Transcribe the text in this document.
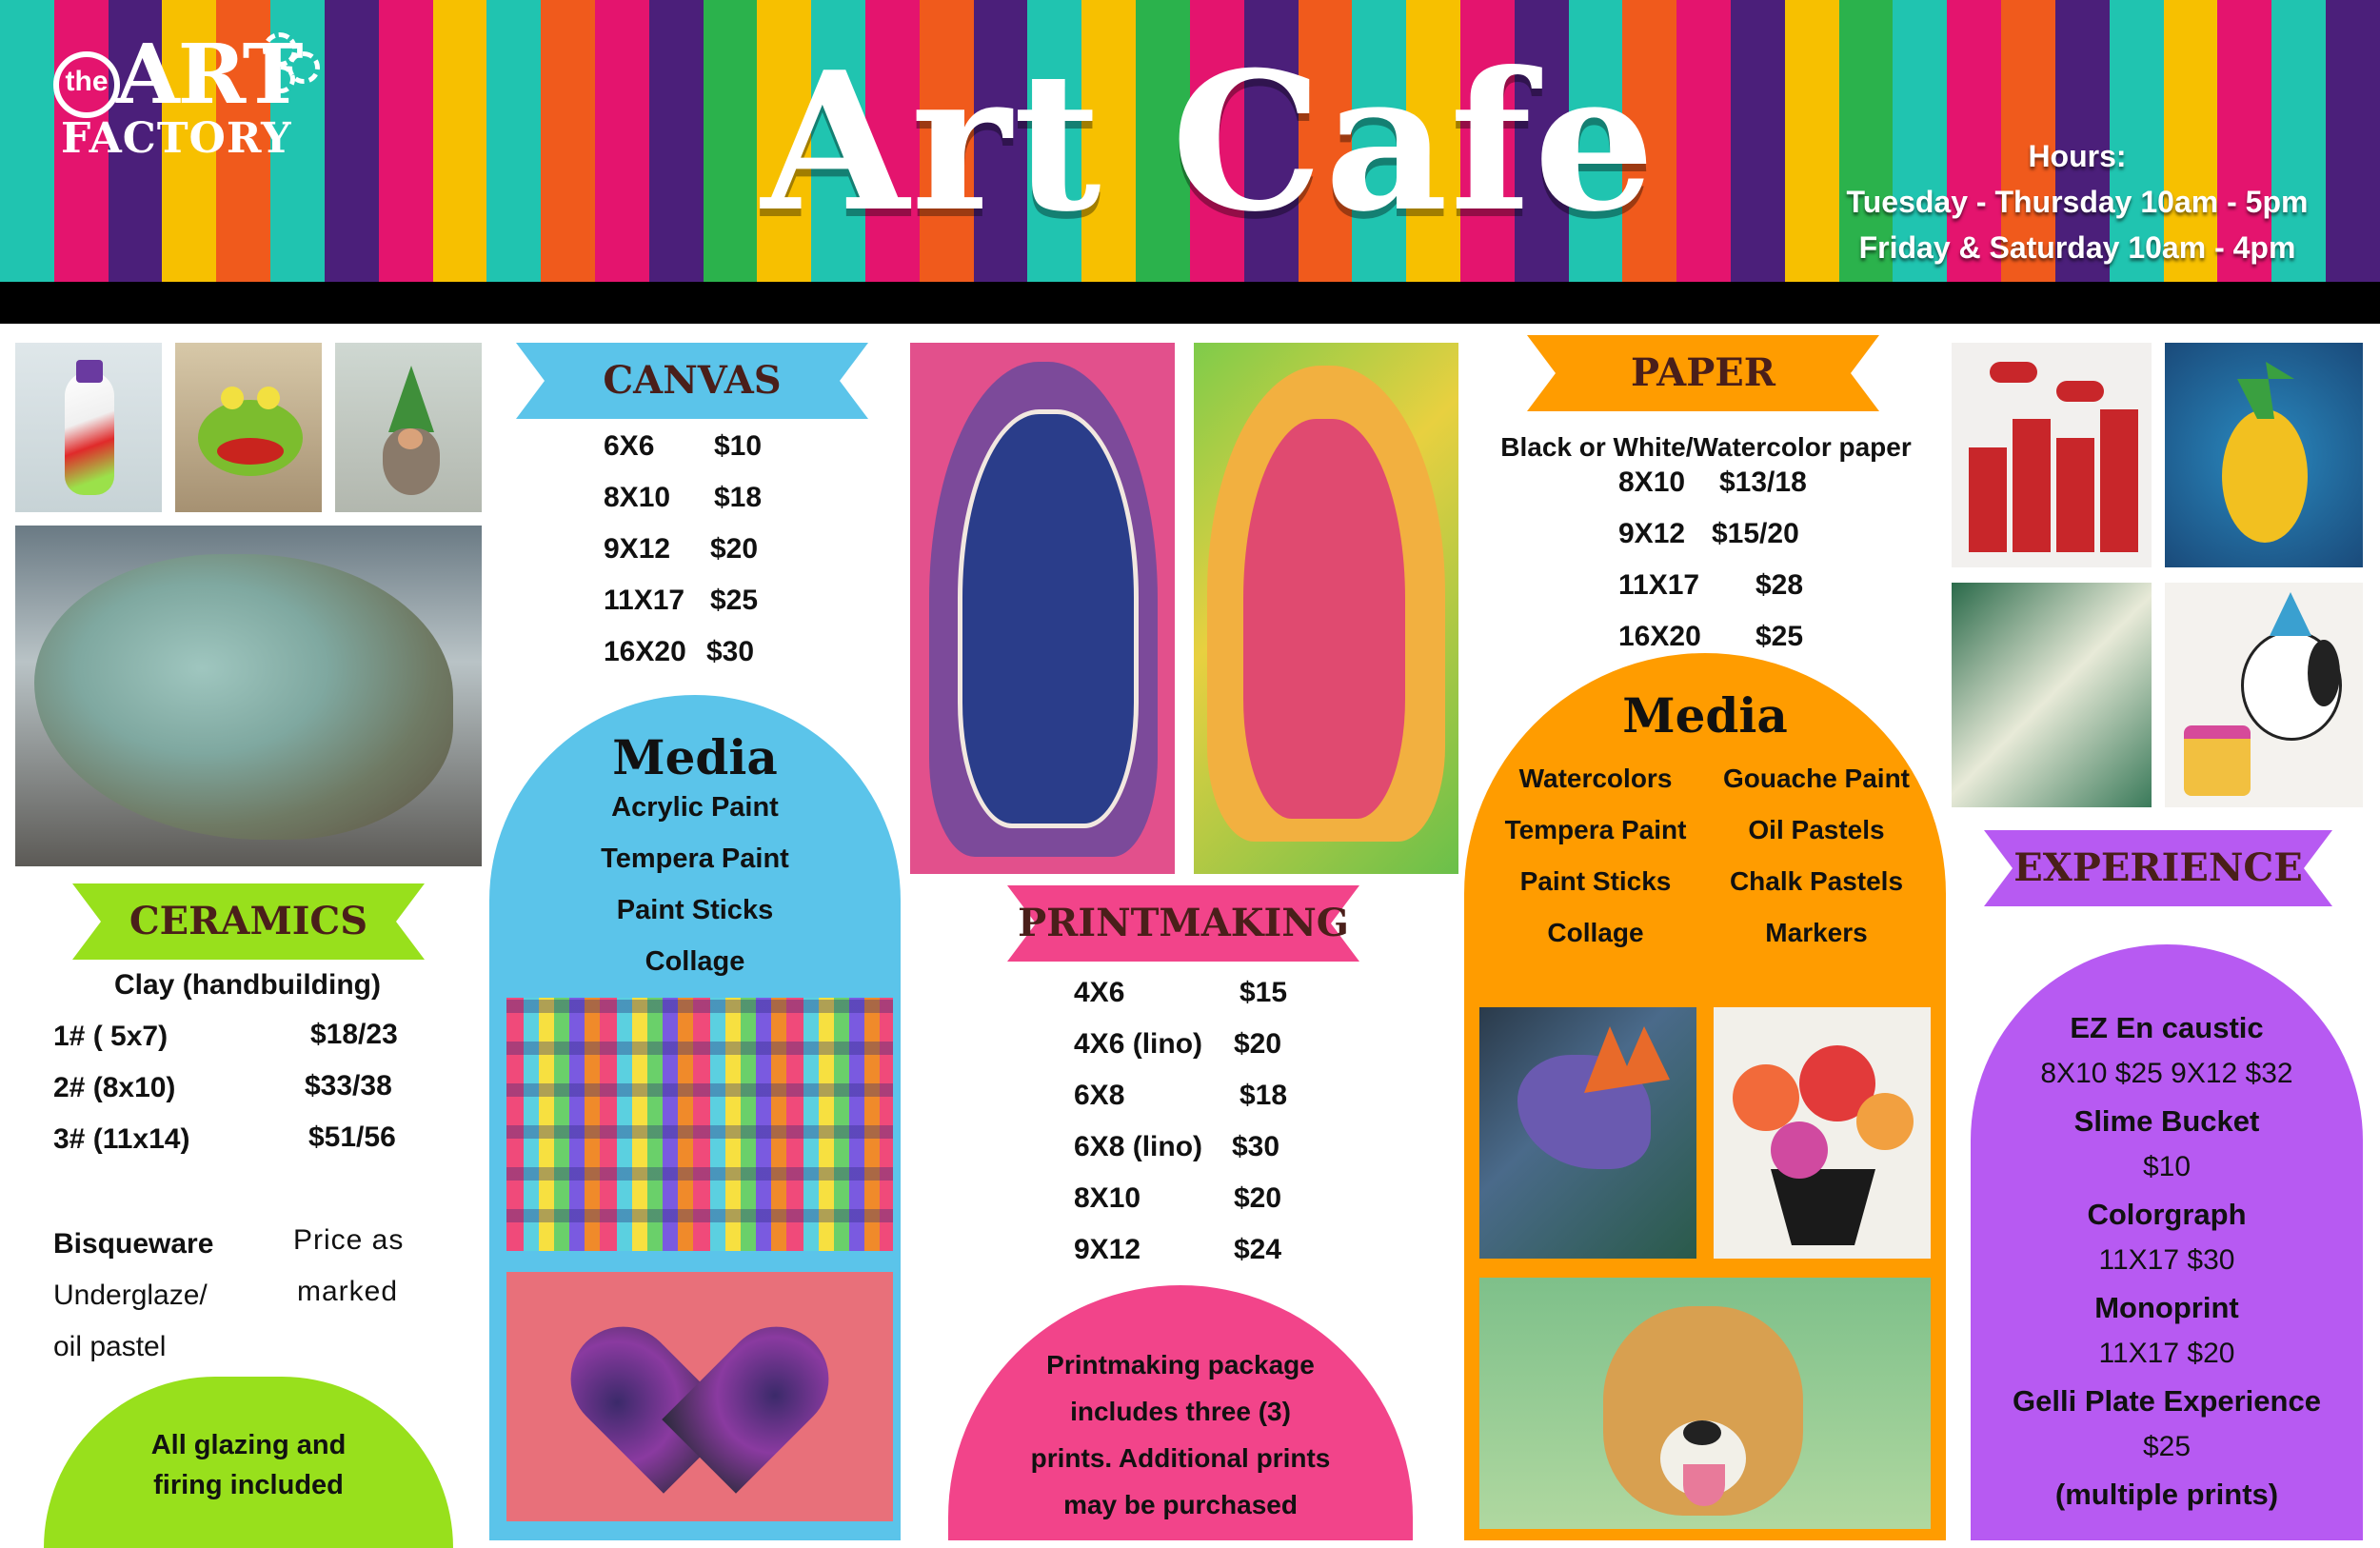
the ART
FACTORY Art Cafe	Hours:
Tuesday - Thursday 10am - 5pm
Friday & Saturday 10am - 4pm
CERAMICS
Clay (handbuilding)
1# ( 5x7)	$18/23
2# (8x10)	$33/38
3# (11x14)	$51/56
Bisqueware
Underglaze/
oil pastel
Price as
marked
All glazing and
firing included
CANVAS
6X6 $10
8X10 $18
9X12 $20
11X17 $25
16X20 $30
Media
Acrylic Paint
Tempera Paint
Paint Sticks
Collage
PRINTMAKING
4X6	$15
4X6 (lino) $20
6X8	$18
6X8 (lino) $30
8X10	$20
9X12	$24
Printmaking package
includes three (3)
prints. Additional prints
may be purchased
PAPER
Black or White/Watercolor paper
8X10 $13/18
9X12 $15/20
11X17 $28
16X20 $25
Media
Watercolors
Tempera Paint
Paint Sticks
Collage
Gouache Paint
Oil Pastels
Chalk Pastels
Markers
EXPERIENCE
EZ En caustic
8X10 $25 9X12 $32
Slime Bucket
$10
Colorgraph
11X17 $30
Monoprint
11X17 $20
Gelli Plate Experience
$25
(multiple prints)
